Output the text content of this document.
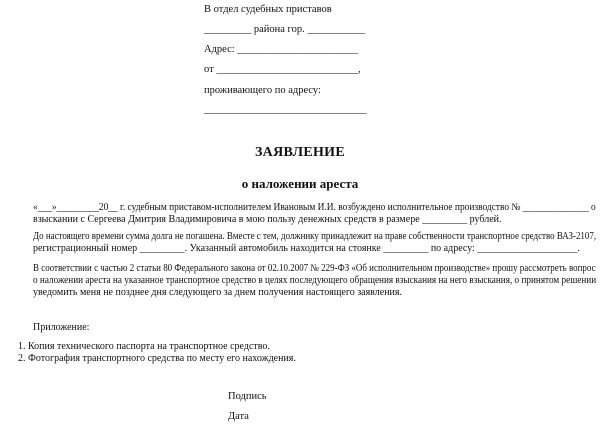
В отдел судебных приставов
_________ района гор. ___________
Адрес: _______________________
от ___________________________,
проживающего по адресу:
_______________________________
ЗАЯВЛЕНИЕ
о наложении ареста
«___»_________20__ г. судебным приставом-исполнителем Ивановым И.И. возбуждено исполнительное производство № ______________ о
взыскании с Сергеева Дмитрия Владимировича в мою пользу денежных средств в размере _________ рублей.
До настоящего времени сумма долга не погашена. Вместе с тем, должнику принадлежит на праве собственности транспортное средство ВАЗ-2107,
регистрационный номер _________. Указанный автомобиль находится на стоянке _________ по адресу: ____________________.
В соответствии с частью 2 статьи 80 Федерального закона от 02.10.2007 № 229-ФЗ «Об исполнительном производстве» прошу рассмотреть вопрос
о наложении ареста на указанное транспортное средство в целях последующего обращения взыскания на него взыскания, о принятом решении
уведомить меня не позднее дня следующего за днем получения настоящего заявления.
Приложение:
1. Копия технического паспорта на транспортное средство.
2. Фотография транспортного средства по месту его нахождения.
Подпись
Дата
